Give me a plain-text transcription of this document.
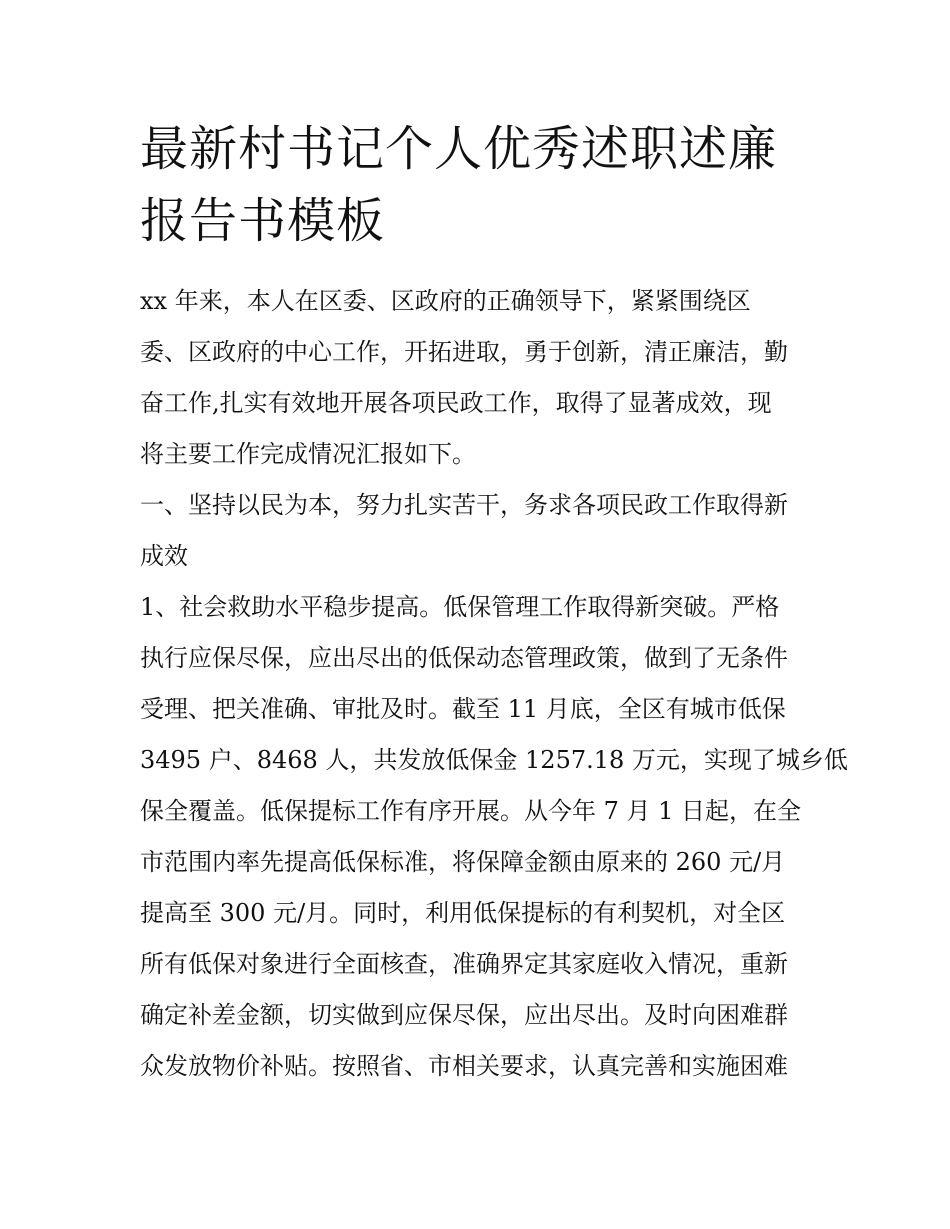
最新村书记个人优秀述职述廉
报告书模板
xx 年来，本人在区委、区政府的正确领导下，紧紧围绕区
委、区政府的中心工作，开拓进取，勇于创新，清正廉洁，勤
奋工作,扎实有效地开展各项民政工作，取得了显著成效，现
将主要工作完成情况汇报如下。
一、坚持以民为本，努力扎实苦干，务求各项民政工作取得新
成效
1、社会救助水平稳步提高。低保管理工作取得新突破。严格
执行应保尽保，应出尽出的低保动态管理政策，做到了无条件
受理、把关准确、审批及时。截至 11 月底，全区有城市低保
3495 户、8468 人，共发放低保金 1257.18 万元，实现了城乡低
保全覆盖。低保提标工作有序开展。从今年 7 月 1 日起，在全
市范围内率先提高低保标准，将保障金额由原来的 260 元/月
提高至 300 元/月。同时，利用低保提标的有利契机，对全区
所有低保对象进行全面核查，准确界定其家庭收入情况，重新
确定补差金额，切实做到应保尽保，应出尽出。及时向困难群
众发放物价补贴。按照省、市相关要求，认真完善和实施困难
